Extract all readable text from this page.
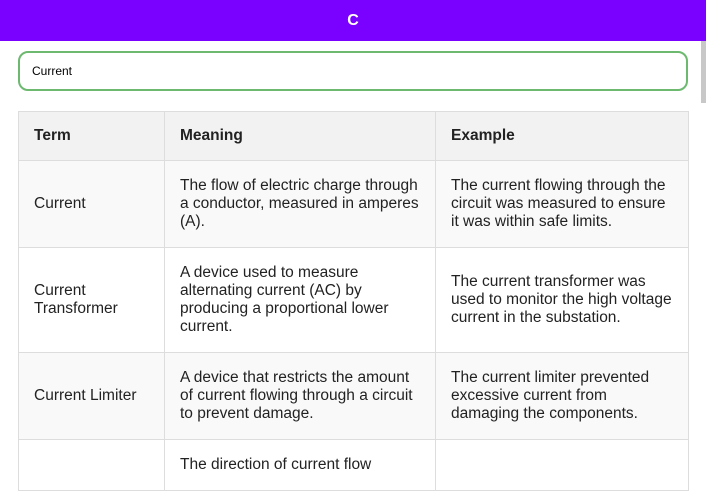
C
Current
Term	Meaning	Example
Current	The flow of electric charge through a conductor, measured in amperes (A).	The current flowing through the circuit was measured to ensure it was within safe limits.
Current Transformer	A device used to measure alternating current (AC) by producing a proportional lower current.	The current transformer was used to monitor the high voltage current in the substation.
Current Limiter	A device that restricts the amount of current flowing through a circuit to prevent damage.	The current limiter prevented excessive current from damaging the components.
	The direction of current flow	
